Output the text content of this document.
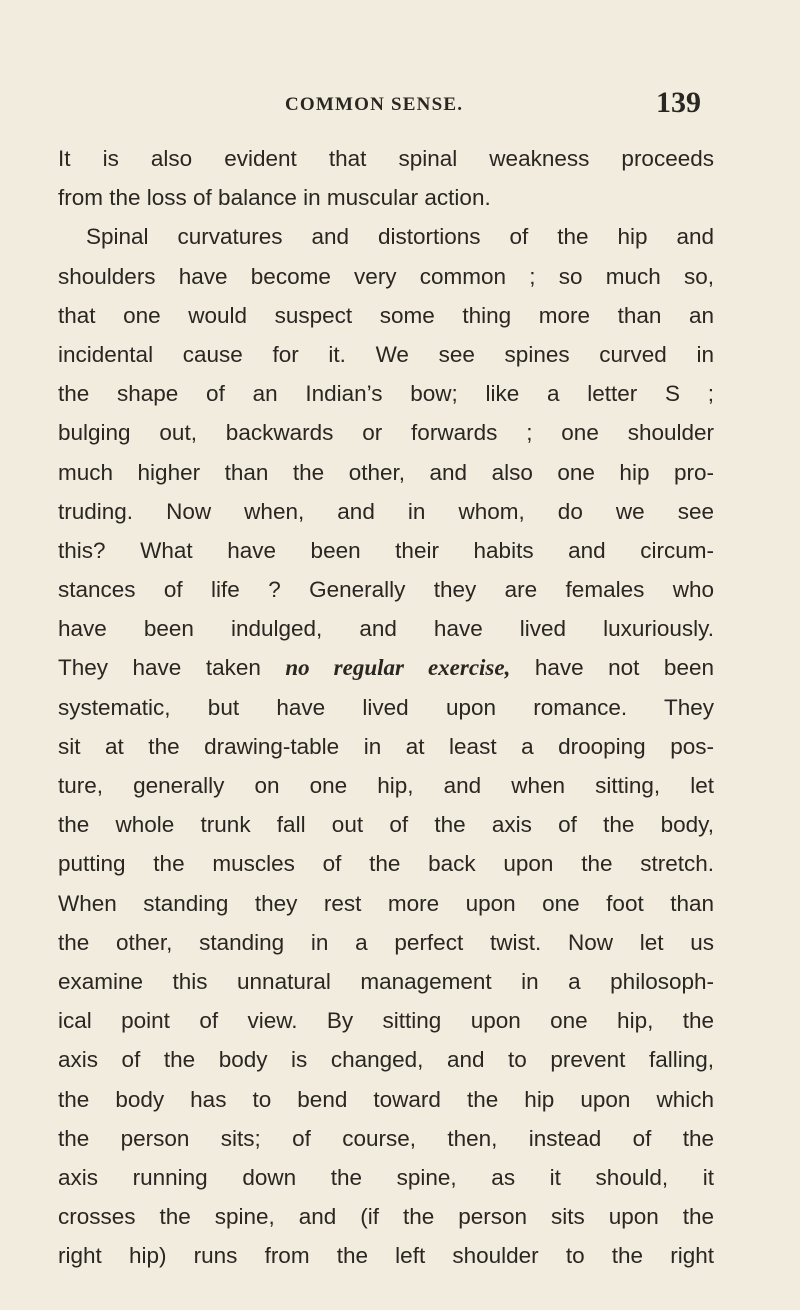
COMMON SENSE.	139
It is also evident that spinal weakness proceeds
from the loss of balance in muscular action.
Spinal curvatures and distortions of the hip and
shoulders have become very common ; so much so,
that one would suspect some thing more than an
incidental cause for it. We see spines curved in
the shape of an Indian’s bow; like a letter S ;
bulging out, backwards or forwards ; one shoulder
much higher than the other, and also one hip pro-
truding. Now when, and in whom, do we see
this? What have been their habits and circum-
stances of life ? Generally they are females who
have been indulged, and have lived luxuriously.
They have taken no regular exercise, have not been
systematic, but have lived upon romance. They
sit at the drawing-table in at least a drooping pos-
ture, generally on one hip, and when sitting, let
the whole trunk fall out of the axis of the body,
putting the muscles of the back upon the stretch.
When standing they rest more upon one foot than
the other, standing in a perfect twist. Now let us
examine this unnatural management in a philosoph-
ical point of view. By sitting upon one hip, the
axis of the body is changed, and to prevent falling,
the body has to bend toward the hip upon which
the person sits; of course, then, instead of the
axis running down the spine, as it should, it
crosses the spine, and (if the person sits upon the
right hip) runs from the left shoulder to the right
